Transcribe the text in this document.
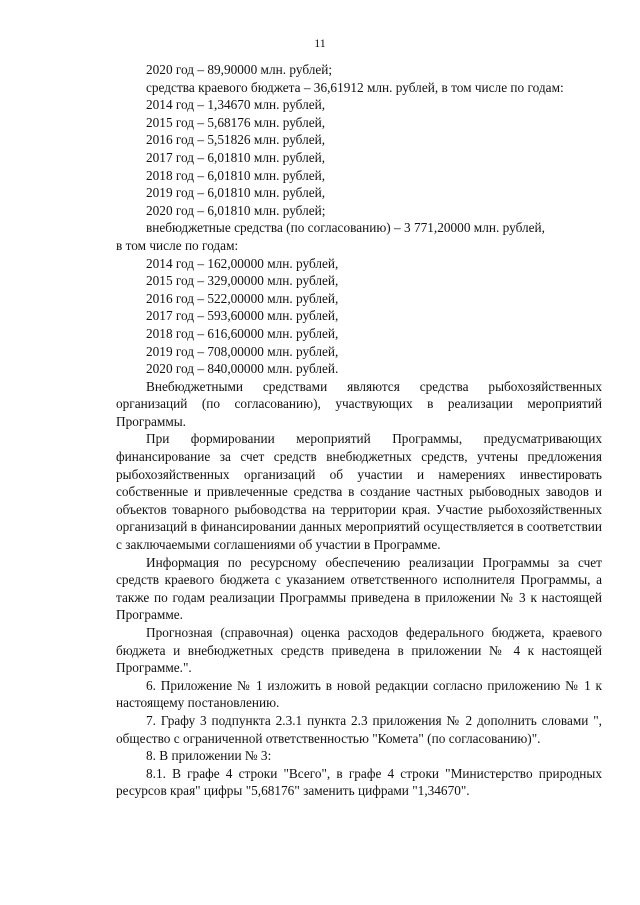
11
2020 год – 89,90000 млн. рублей;
средства краевого бюджета – 36,61912 млн. рублей, в том числе по годам:
2014 год – 1,34670 млн. рублей,
2015 год – 5,68176 млн. рублей,
2016 год – 5,51826 млн. рублей,
2017 год – 6,01810 млн. рублей,
2018 год – 6,01810 млн. рублей,
2019 год – 6,01810 млн. рублей,
2020 год – 6,01810 млн. рублей;
внебюджетные средства (по согласованию) – 3 771,20000 млн. рублей,
в том числе по годам:
2014 год – 162,00000 млн. рублей,
2015 год – 329,00000 млн. рублей,
2016 год – 522,00000 млн. рублей,
2017 год – 593,60000 млн. рублей,
2018 год – 616,60000 млн. рублей,
2019 год – 708,00000 млн. рублей,
2020 год – 840,00000 млн. рублей.

Внебюджетными средствами являются средства рыбохозяйственных организаций (по согласованию), участвующих в реализации мероприятий Программы.

При формировании мероприятий Программы, предусматривающих финансирование за счет средств внебюджетных средств, учтены предложения рыбохозяйственных организаций об участии и намерениях инвестировать собственные и привлеченные средства в создание частных рыбоводных заводов и объектов товарного рыбоводства на территории края. Участие рыбохозяйственных организаций в финансировании данных мероприятий осуществляется в соответствии с заключаемыми соглашениями об участии в Программе.

Информация по ресурсному обеспечению реализации Программы за счет средств краевого бюджета с указанием ответственного исполнителя Программы, а также по годам реализации Программы приведена в приложении № 3 к настоящей Программе.

Прогнозная (справочная) оценка расходов федерального бюджета, краевого бюджета и внебюджетных средств приведена в приложении № 4 к настоящей Программе.".

6. Приложение № 1 изложить в новой редакции согласно приложению № 1 к настоящему постановлению.

7. Графу 3 подпункта 2.3.1 пункта 2.3 приложения № 2 дополнить словами ", общество с ограниченной ответственностью "Комета" (по согласованию)".

8. В приложении № 3:

8.1. В графе 4 строки "Всего", в графе 4 строки "Министерство природных ресурсов края" цифры "5,68176" заменить цифрами "1,34670".
